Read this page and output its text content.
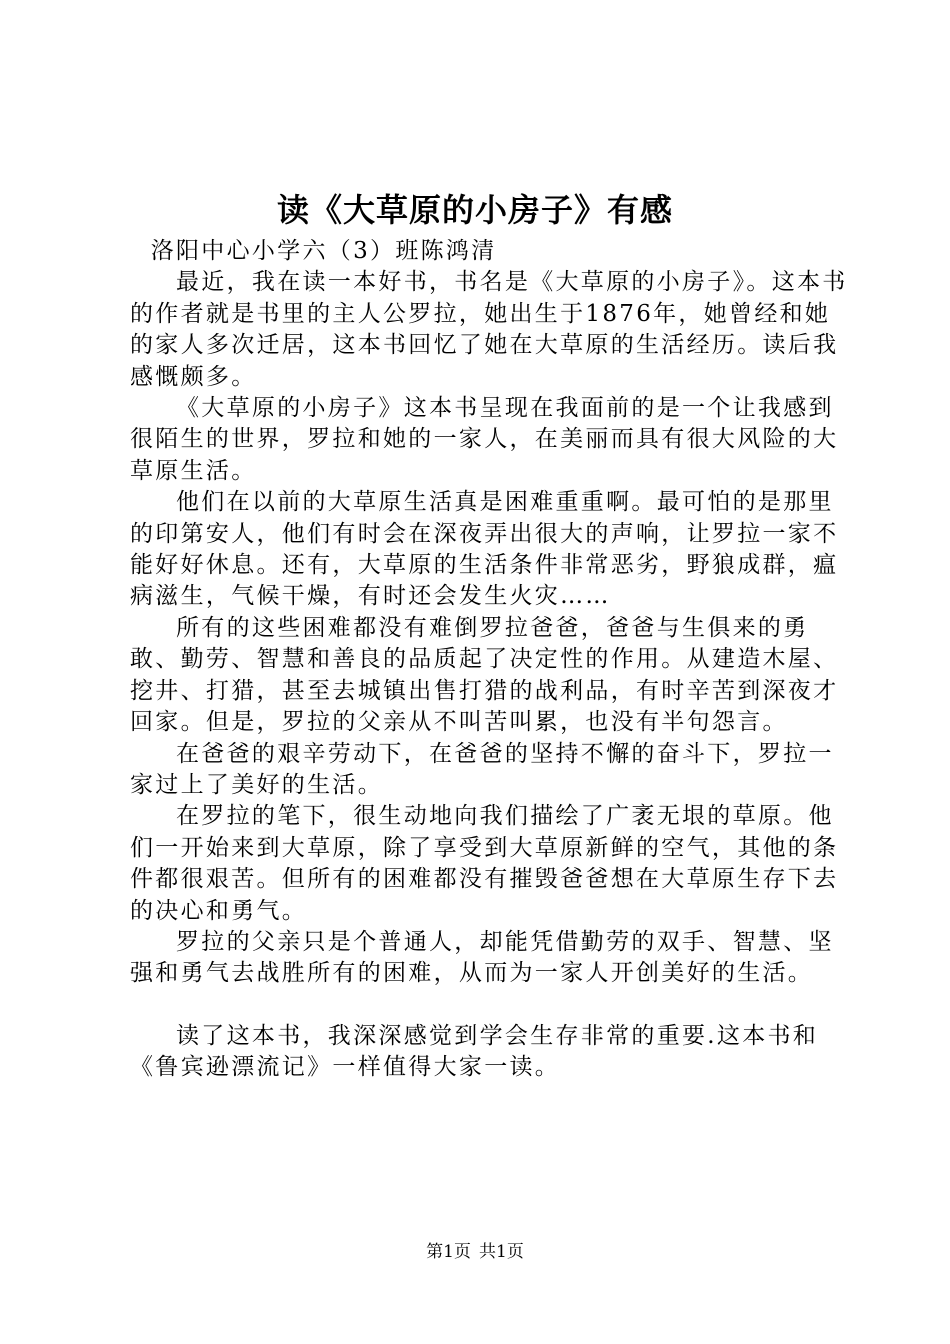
读《大草原的小房子》有感

洛阳中心小学六（3）班陈鸿清

最近，我在读一本好书，书名是《大草原的小房子》。这本书的作者就是书里的主人公罗拉，她出生于1876年，她曾经和她的家人多次迁居，这本书回忆了她在大草原的生活经历。读后我感慨颇多。

《大草原的小房子》这本书呈现在我面前的是一个让我感到很陌生的世界，罗拉和她的一家人，在美丽而具有很大风险的大草原生活。

他们在以前的大草原生活真是困难重重啊。最可怕的是那里的印第安人，他们有时会在深夜弄出很大的声响，让罗拉一家不能好好休息。还有，大草原的生活条件非常恶劣，野狼成群，瘟病滋生，气候干燥，有时还会发生火灾……

所有的这些困难都没有难倒罗拉爸爸，爸爸与生俱来的勇敢、勤劳、智慧和善良的品质起了决定性的作用。从建造木屋、挖井、打猎，甚至去城镇出售打猎的战利品，有时辛苦到深夜才回家。但是，罗拉的父亲从不叫苦叫累，也没有半句怨言。

在爸爸的艰辛劳动下，在爸爸的坚持不懈的奋斗下，罗拉一家过上了美好的生活。

在罗拉的笔下，很生动地向我们描绘了广袤无垠的草原。他们一开始来到大草原，除了享受到大草原新鲜的空气，其他的条件都很艰苦。但所有的困难都没有摧毁爸爸想在大草原生存下去的决心和勇气。

罗拉的父亲只是个普通人，却能凭借勤劳的双手、智慧、坚强和勇气去战胜所有的困难，从而为一家人开创美好的生活。

读了这本书，我深深感觉到学会生存非常的重要.这本书和《鲁宾逊漂流记》一样值得大家一读。

第1页 共1页
